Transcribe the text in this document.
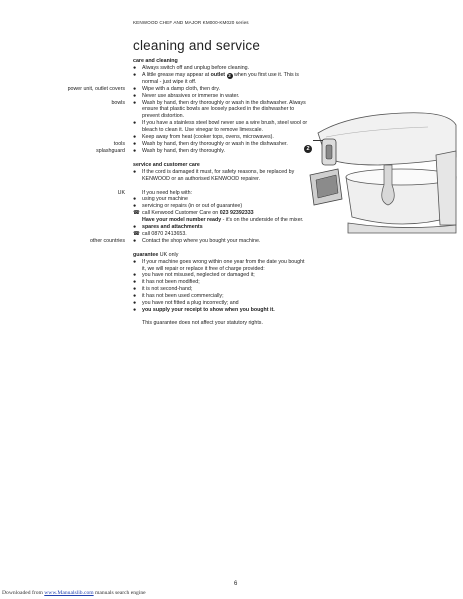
KENWOOD CHEF AND MAJOR KM000-KM020 series
cleaning and service

care and cleaning

●	Always switch off and unplug before cleaning.
●	A little grease may appear at outlet 2 when you first use it. This is normal - just wipe it off.
power unit, outlet covers ●	Wipe with a damp cloth, then dry.
●	Never use abrasives or immerse in water.
bowls ●	Wash by hand, then dry thoroughly or wash in the dishwasher. Always ensure that plastic bowls are loosely packed in the dishwasher to prevent distortion.
●	If you have a stainless steel bowl never use a wire brush, steel wool or bleach to clean it. Use vinegar to remove limescale.
●	Keep away from heat (cooker tops, ovens, microwaves).
tools ●	Wash by hand, then dry thoroughly or wash in the dishwasher.
splashguard ●	Wash by hand, then dry thoroughly.

service and customer care

●	If the cord is damaged it must, for safety reasons, be replaced by KENWOOD or an authorised KENWOOD repairer.
UK	If you need help with:
●	using your machine
●	servicing or repairs (in or out of guarantee)
☎ call Kenwood Customer Care on 023 92392333
Have your model number ready - it's on the underside of the mixer.
●	spares and attachments
☎ call 0870 2413653.
other countries ●	Contact the shop where you bought your machine.

guarantee UK only

●	If your machine goes wrong within one year from the date you bought it, we will repair or replace it free of charge provided:
●	you have not misused, neglected or damaged it;
●	it has not been modified;
●	it is not second-hand;
●	it has not been used commercially;
●	you have not fitted a plug incorrectly; and
●	you supply your receipt to show when you bought it.
This guarantee does not affect your statutory rights.
2
6
Downloaded from www.Manualslib.com manuals search engine
